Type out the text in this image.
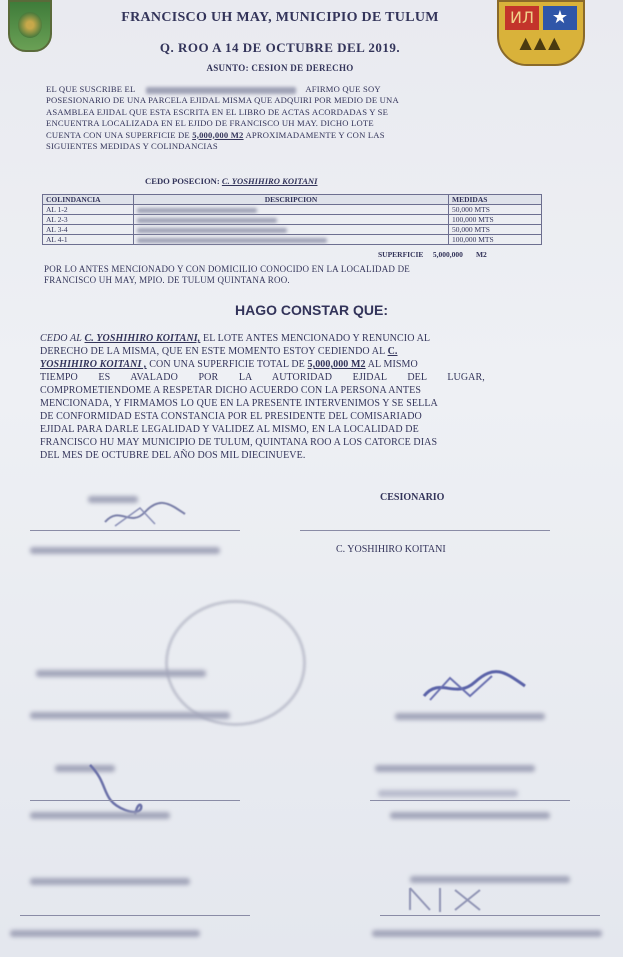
ИЛ ★
▲▲▲
FRANCISCO UH MAY, MUNICIPIO DE TULUM
Q. ROO A 14 DE OCTUBRE DEL 2019.
ASUNTO: CESION DE DERECHO
EL QUE SUSCRIBE EL	AFIRMO QUE SOY
POSESIONARIO DE UNA PARCELA EJIDAL MISMA QUE ADQUIRI POR MEDIO DE UNA
ASAMBLEA EJIDAL QUE ESTA ESCRITA EN EL LIBRO DE ACTAS ACORDADAS Y SE
ENCUENTRA LOCALIZADA EN EL EJIDO DE FRANCISCO UH MAY. DICHO LOTE
CUENTA CON UNA SUPERFICIE DE 5,000,000 M2 APROXIMADAMENTE Y CON LAS
SIGUIENTES MEDIDAS Y COLINDANCIAS
CEDO POSECION: C. YOSHIHIRO KOITANI
COLINDANCIA	DESCRIPCION	MEDIDAS
AL 1-2		50,000 MTS
AL 2-3		100,000 MTS
AL 3-4		50,000 MTS
AL 4-1		100,000 MTS
SUPERFICIE 5,000,000 M2
POR LO ANTES MENCIONADO Y CON DOMICILIO CONOCIDO EN LA LOCALIDAD DE
FRANCISCO UH MAY, MPIO. DE TULUM QUINTANA ROO.
HAGO CONSTAR QUE:
CEDO AL C. YOSHIHIRO KOITANI, EL LOTE ANTES MENCIONADO Y RENUNCIO AL
DERECHO DE LA MISMA, QUE EN ESTE MOMENTO ESTOY CEDIENDO AL C.
YOSHIHIRO KOITANI , CON UNA SUPERFICIE TOTAL DE 5,000,000 M2 AL MISMO
TIEMPO ES AVALADO POR LA AUTORIDAD EJIDAL DEL LUGAR,
COMPROMETIENDOME A RESPETAR DICHO ACUERDO CON LA PERSONA ANTES
MENCIONADA, Y FIRMAMOS LO QUE EN LA PRESENTE INTERVENIMOS Y SE SELLA
DE CONFORMIDAD ESTA CONSTANCIA POR EL PRESIDENTE DEL COMISARIADO
EJIDAL PARA DARLE LEGALIDAD Y VALIDEZ AL MISMO, EN LA LOCALIDAD DE
FRANCISCO HU MAY MUNICIPIO DE TULUM, QUINTANA ROO A LOS CATORCE DIAS
DEL MES DE OCTUBRE DEL AÑO DOS MIL DIECINUEVE.
CESIONARIO
C. YOSHIHIRO KOITANI
